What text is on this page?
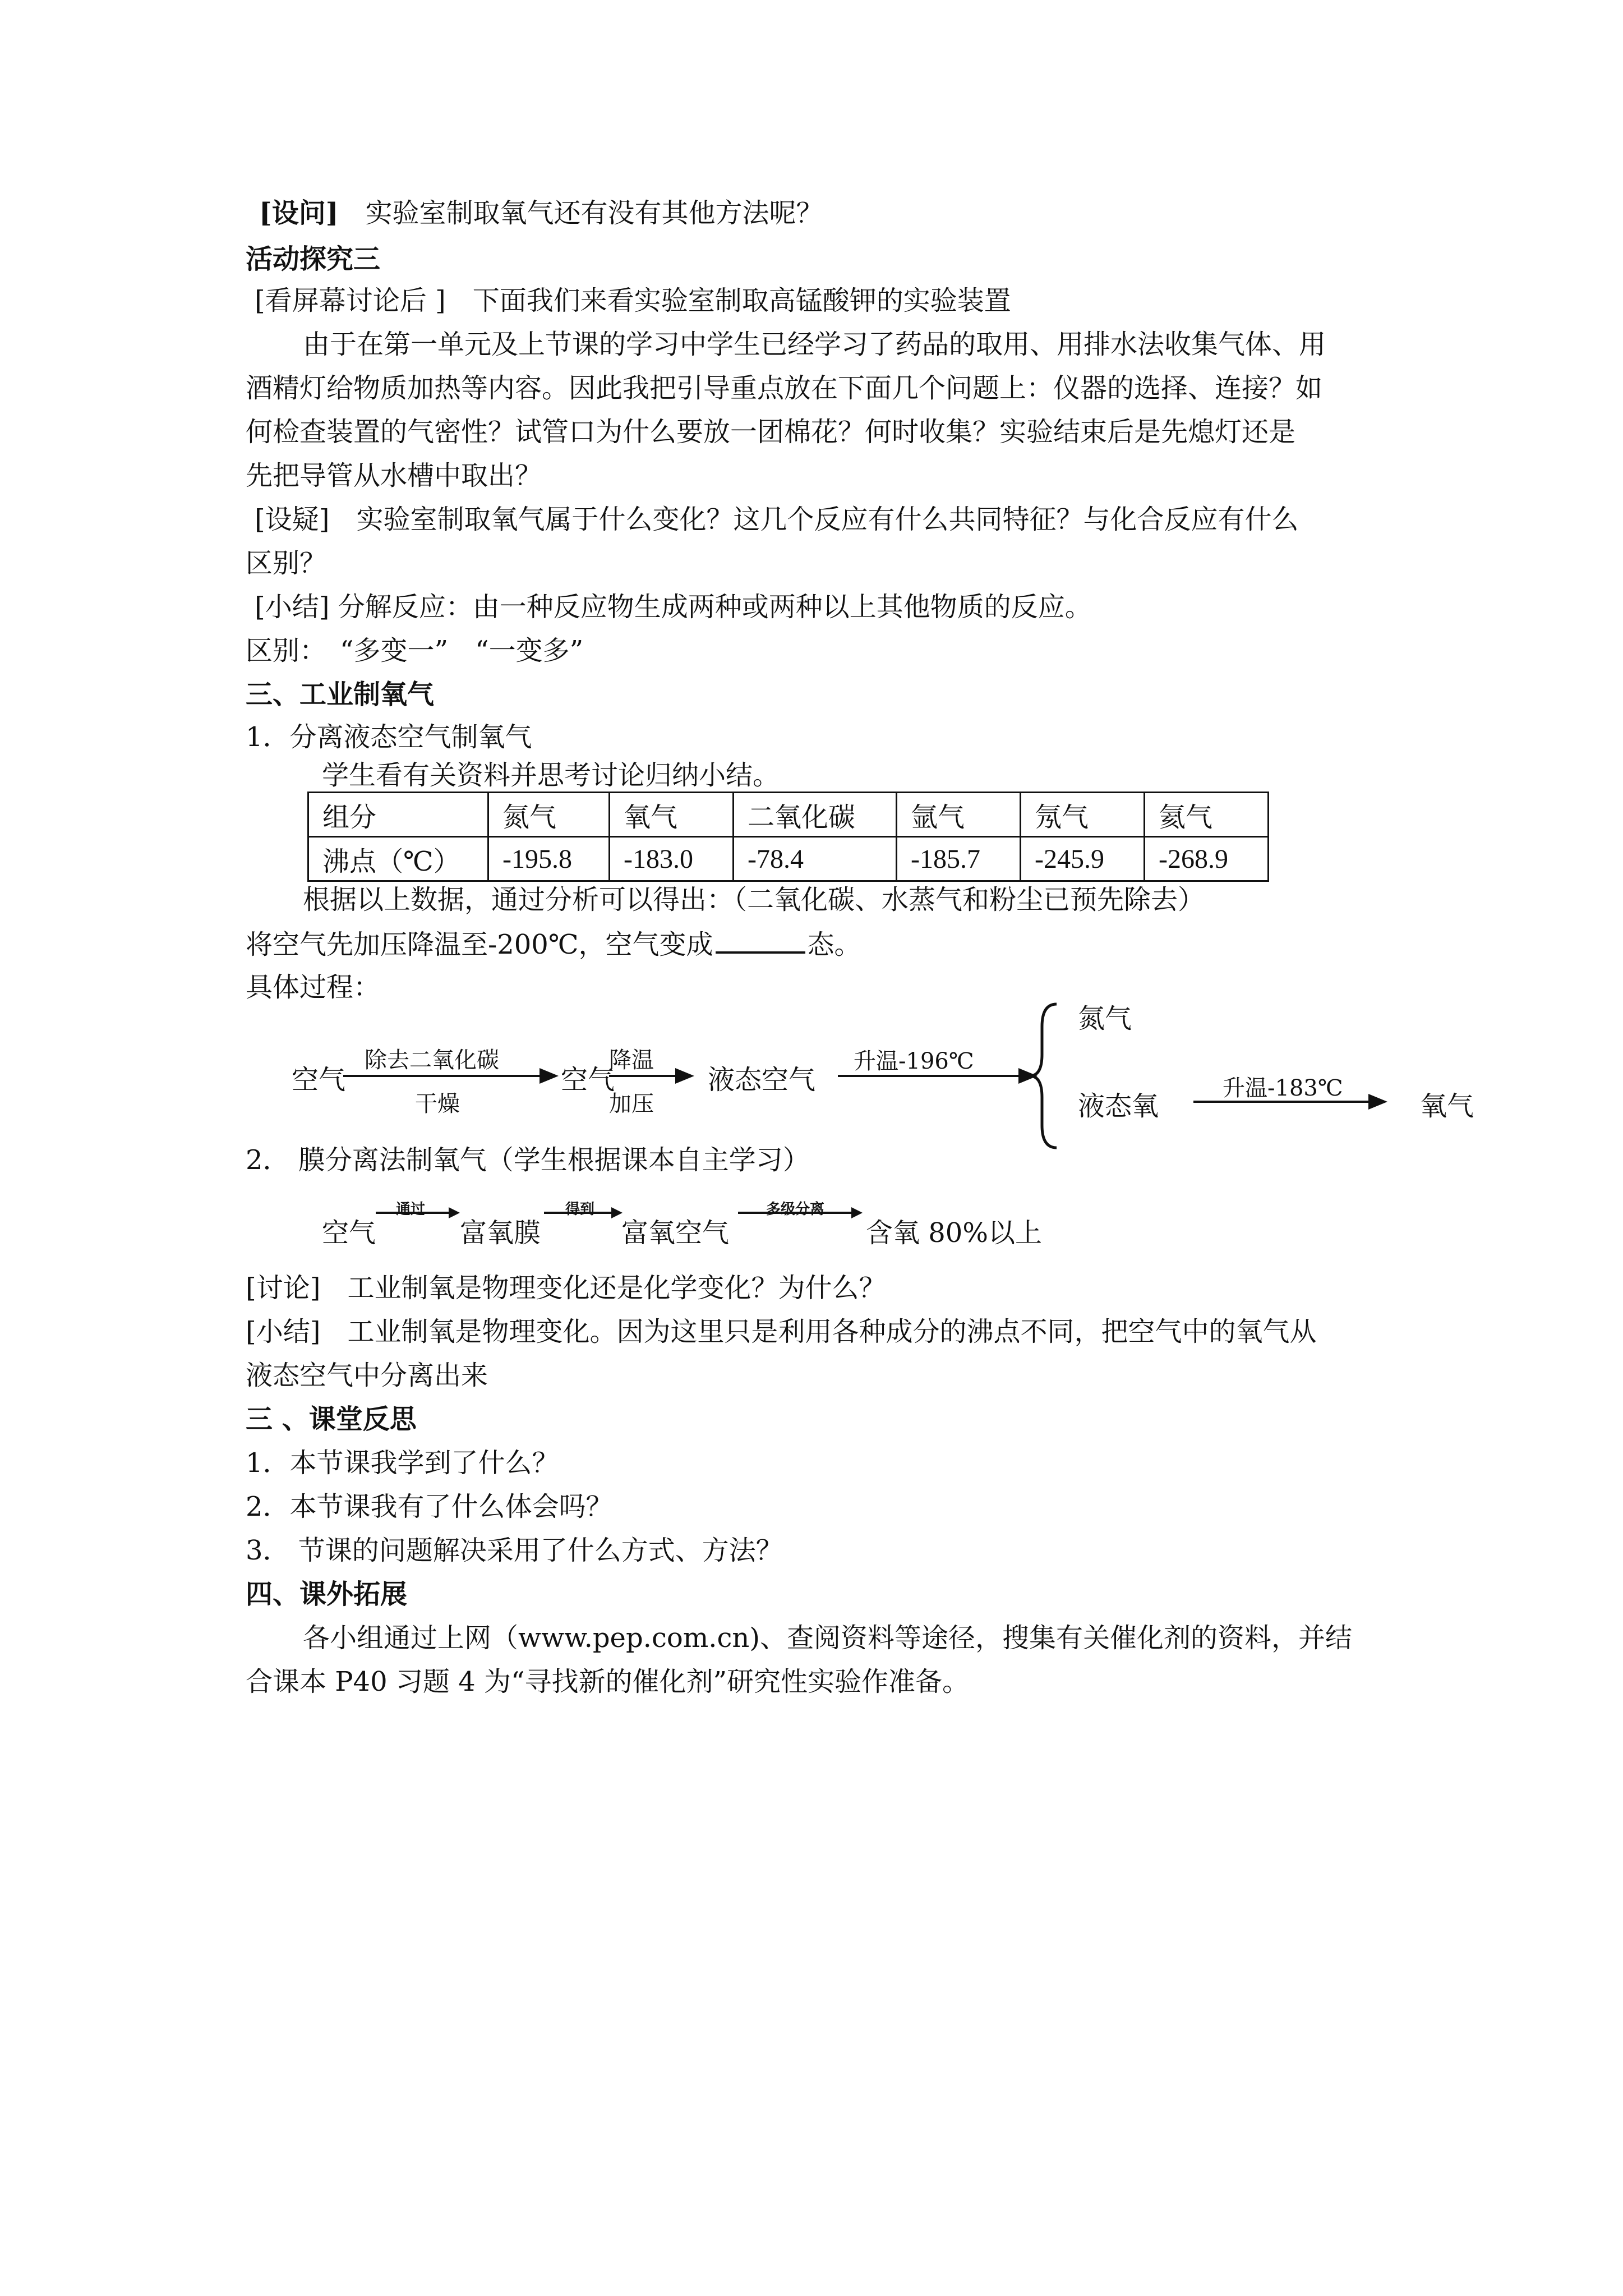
[设问]　实验室制取氧气还有没有其他方法呢？
活动探究三
[看屏幕讨论后 ]　下面我们来看实验室制取高锰酸钾的实验装置
由于在第一单元及上节课的学习中学生已经学习了药品的取用、用排水法收集气体、用
酒精灯给物质加热等内容。因此我把引导重点放在下面几个问题上：仪器的选择、连接？如
何检查装置的气密性？试管口为什么要放一团棉花？何时收集？实验结束后是先熄灯还是
先把导管从水槽中取出？
[设疑]　实验室制取氧气属于什么变化？这几个反应有什么共同特征？与化合反应有什么
区别？
[小结] 分解反应：由一种反应物生成两种或两种以上其他物质的反应。
区别：　“多变一”　“一变多”
三、工业制氧气
1．分离液态空气制氧气
学生看有关资料并思考讨论归纳小结。
组分	氮气	氧气	二氧化碳	氩气	氖气	氦气
沸点（℃）	-195.8	-183.0	-78.4	-185.7	-245.9	-268.9
根据以上数据，通过分析可以得出：（二氧化碳、水蒸气和粉尘已预先除去）
将空气先加压降温至-200℃，空气变成	态。
具体过程：
空气
除去二氧化碳
干燥
空气
降温
加压
液态空气
升温-196℃
氮气
液态氧
升温-183℃
氧气
2． 膜分离法制氧气（学生根据课本自主学习）
空气
通过
富氧膜
得到
富氧空气
多级分离
含氧 80%以上
[讨论]　工业制氧是物理变化还是化学变化？为什么？
[小结]　工业制氧是物理变化。因为这里只是利用各种成分的沸点不同，把空气中的氧气从
液态空气中分离出来
三 、课堂反思
1．本节课我学到了什么？
2．本节课我有了什么体会吗？
3． 节课的问题解决采用了什么方式、方法？
四、课外拓展
各小组通过上网（www.pep.com.cn)、查阅资料等途径，搜集有关催化剂的资料，并结
合课本 P40 习题 4 为“寻找新的催化剂”研究性实验作准备。
